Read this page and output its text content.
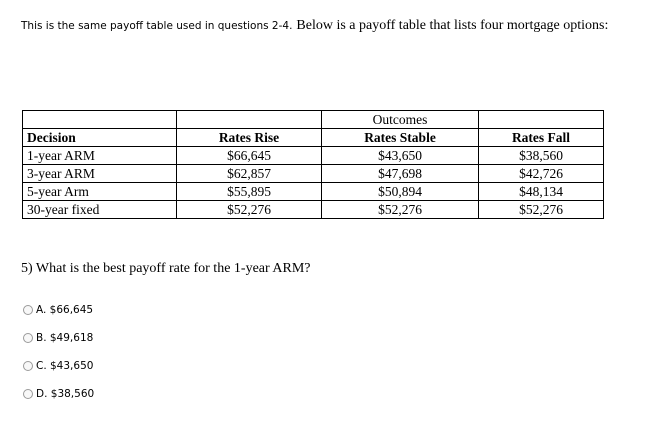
This is the same payoff table used in questions 2-4. Below is a payoff table that lists four mortgage options:
		Outcomes	
Decision	Rates Rise	Rates Stable	Rates Fall
1-year ARM	$66,645	$43,650	$38,560
3-year ARM	$62,857	$47,698	$42,726
5-year Arm	$55,895	$50,894	$48,134
30-year fixed	$52,276	$52,276	$52,276
5) What is the best payoff rate for the 1-year ARM?
A. $66,645
B. $49,618
C. $43,650
D. $38,560
